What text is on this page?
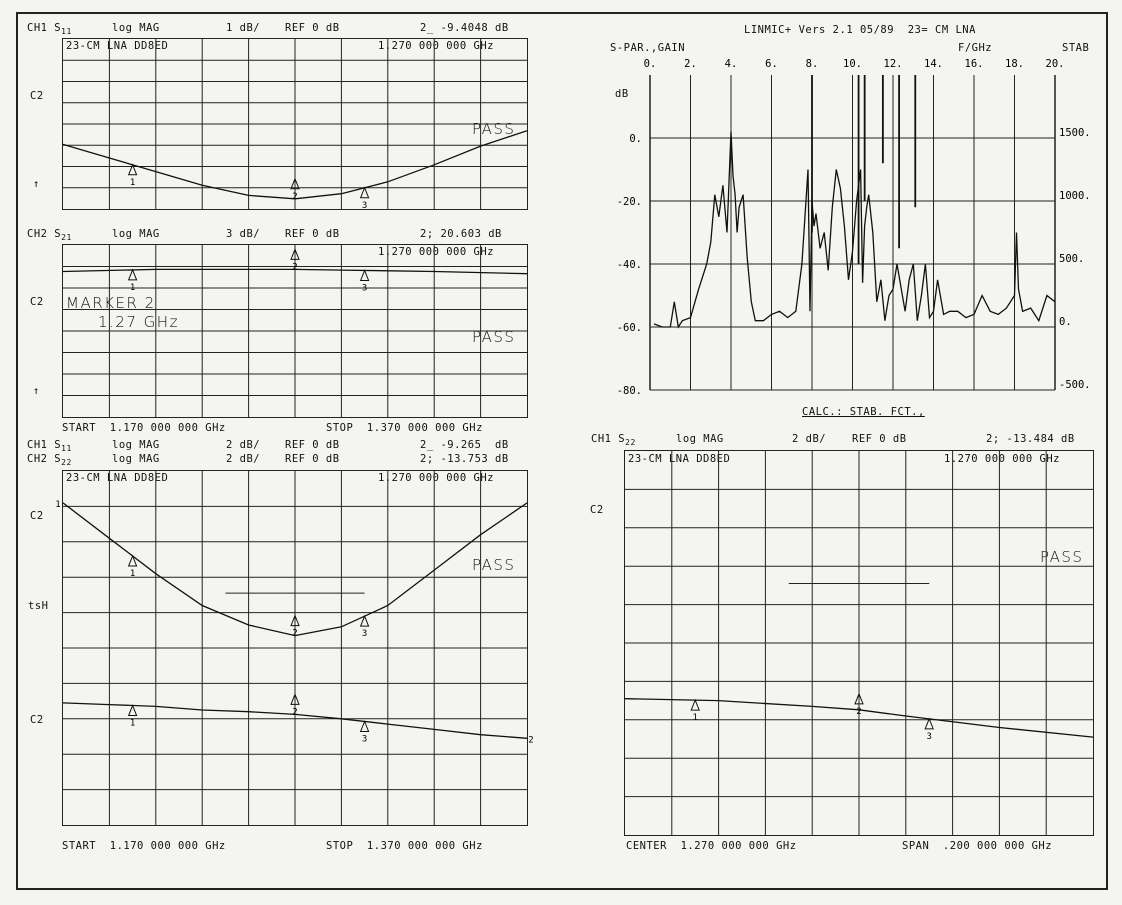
CH1 $S_{11}$	log MAG	1 dB/ REF 0 dB	2_ -9.4048 dB
23-CM LNA DD8ED	1.270 000 000 GHz
C2
↑
PASS
1
2
3
CH2 $S_{21}$	log MAG	3 dB/ REF 0 dB	2; 20.603 dB
1.270 000 000 GHz
C2
↑
MARKER 2
1.27 GHz
PASS
1
2
3
START  1.170 000 000 GHz	STOP  1.370 000 000 GHz
CH1 $S_{11}$	log MAG	2 dB/ REF 0 dB	2_ -9.265  dB
CH2 $S_{22}$	log MAG	2 dB/ REF 0 dB	2; -13.753 dB
23-CM LNA DD8ED	1.270 000 000 GHz
C2
tsH
C2
PASS
1
2	3
1
2
3
1
2
START  1.170 000 000 GHz	STOP  1.370 000 000 GHz
LINMIC+ Vers 2.1 05/89  23= CM LNA
S-PAR.,GAIN	F/GHz	STAB
dB
0.	2.	4.	6.	8. 10. 12. 14. 16. 18. 20.
0.	1500.
-20.	1000.
-40.	500.
-60.	0.
-80.	-500.
CALC.: STAB. FCT.,
CH1 $S_{22}$	log MAG	2 dB/ REF 0 dB	2; -13.484 dB
23-CM LNA DD8ED	1.270 000 000 GHz
C2
PASS
1
2
3
CENTER  1.270 000 000 GHz	SPAN  .200 000 000 GHz
